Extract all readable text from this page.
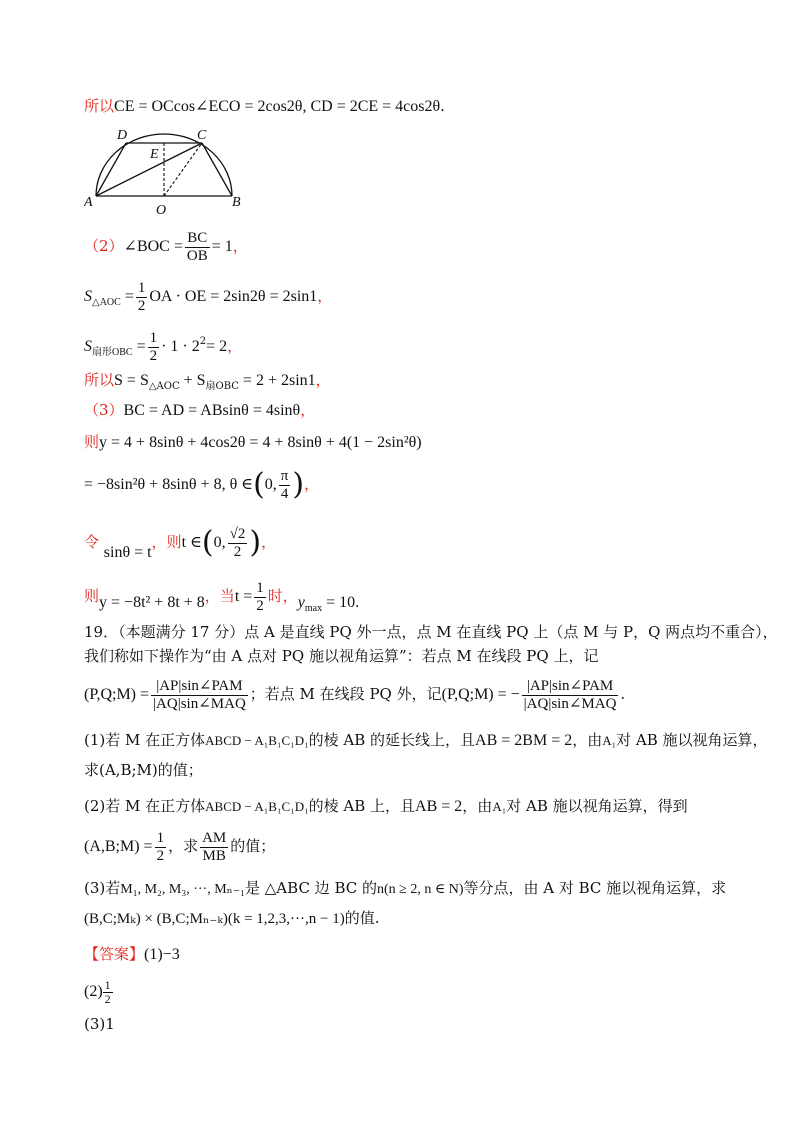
所以CE = OCcos∠ECO = 2cos2θ, CD = 2CE = 4cos2θ.
D	C
E
A
O
B
（2）∠BOC = $\frac{BC}{OB} = 1$，
$S_{\triangle AOC} = \frac{1}{2}$ OA · OE = 2sin2θ = 2sin1，
$S_{扇形OBC} = \frac{1}{2} \cdot 1 \cdot 2^2= 2$，
所以$S = S_{\triangle AOC} + S_{扇OBC} = 2 + 2\sin 1$，
（3）BC = AD = ABsinθ = 4sinθ，
则y = 4 + 8sinθ + 4cos2θ = 4 + 8sinθ + 4(1 − 2sin²θ)
= −8sin²θ + 8sinθ + 8, θ ∈(0, $\frac{\pi}{4}$ )，
令 sinθ = t，则t ∈(0, $\frac{√2}{2}$ )，
则y = −8t² + 8t + 8，当$t = \frac{1}{2}$ 时，$y_{max} = 10$.
19．（本题满分 17 分）点 A 是直线 PQ 外一点，点 M 在直线 PQ 上（点 M 与 P，Q 两点均不重合），
我们称如下操作为“由 A 点对 PQ 施以视角运算”：若点 M 在线段 PQ 上，记
(P,Q;M) = $\frac{\text{|AP|sin∠PAM}}{\text{|AQ|sin∠MAQ}}$ ；若点 M 在线段 PQ 外，记(P,Q;M) = − $\frac{\text{|AP|sin∠PAM}}{\text{|AQ|sin∠MAQ}}$ .
(1)若 M 在正方体ABCD − A₁B₁C₁D₁的棱 AB 的延长线上，且AB = 2BM = 2，由A₁对 AB 施以视角运算，
求(A,B;M)的值；
(2)若 M 在正方体ABCD − A₁B₁C₁D₁的棱 AB 上，且AB = 2，由A₁对 AB 施以视角运算，得到
(A,B;M) = $\frac{1}{2}$ ，求 $\frac{AM}{MB}$ 的值；
(3)若M₁, M₂, M₃, ···, Mₙ₋₁是 △ABC 边 BC 的n(n ≥ 2, n ∈ N)等分点，由 A 对 BC 施以视角运算，求
(B,C;Mₖ) × (B,C;Mₙ₋ₖ)(k = 1,2,3,···,n − 1)的值.
【答案】(1)−3
$(2) \frac{1}{2}$
(3)1
